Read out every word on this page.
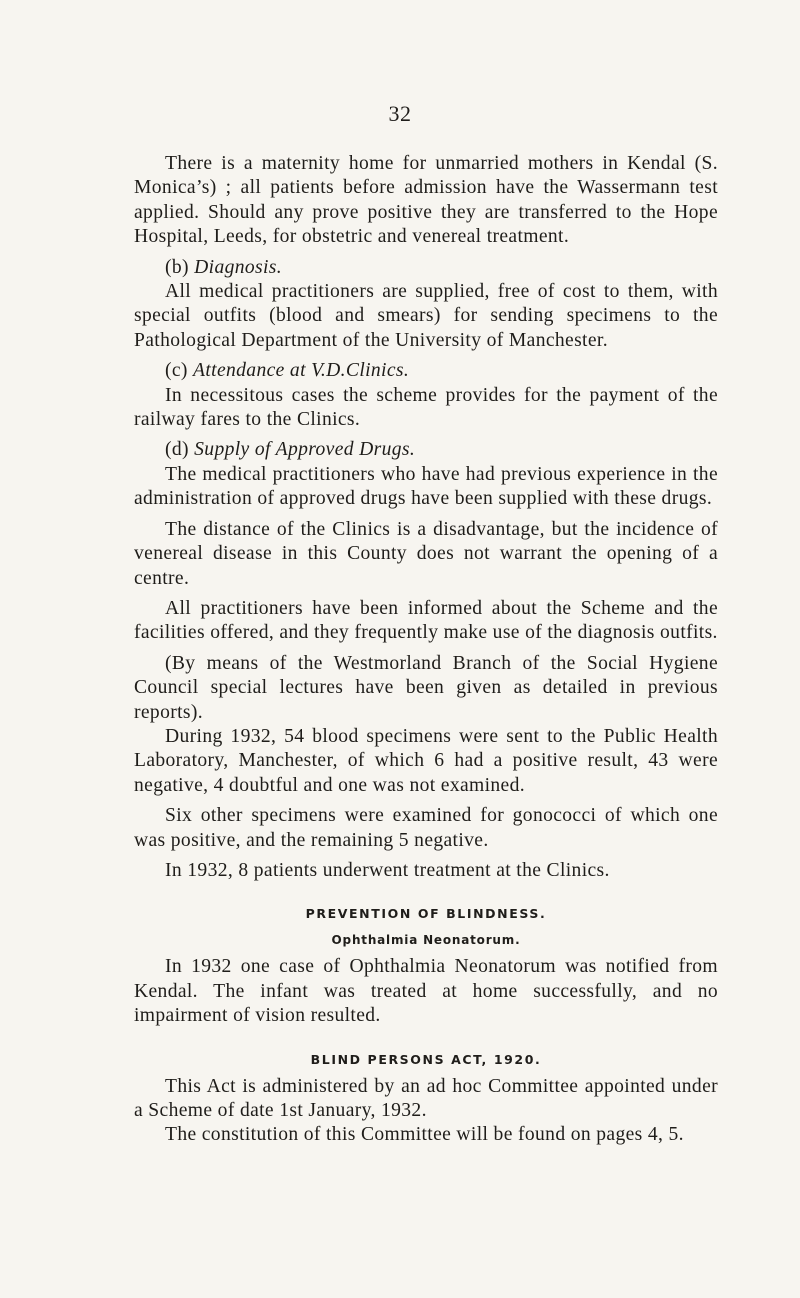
32

There is a maternity home for unmarried mothers in Kendal (S. Monica’s) ; all patients before admission have the Wassermann test applied. Should any prove positive they are transferred to the Hope Hospital, Leeds, for obstetric and venereal treatment.

(b) Diagnosis.

All medical practitioners are supplied, free of cost to them, with special outfits (blood and smears) for sending specimens to the Pathological Department of the University of Manchester.

(c) Attendance at V.D.Clinics.

In necessitous cases the scheme provides for the payment of the railway fares to the Clinics.

(d) Supply of Approved Drugs.

The medical practitioners who have had previous experience in the administration of approved drugs have been supplied with these drugs.

The distance of the Clinics is a disadvantage, but the incidence of venereal disease in this County does not warrant the opening of a centre.

All practitioners have been informed about the Scheme and the facilities offered, and they frequently make use of the diagnosis outfits.

(By means of the Westmorland Branch of the Social Hygiene Council special lectures have been given as detailed in previous reports).

During 1932, 54 blood specimens were sent to the Public Health Laboratory, Manchester, of which 6 had a positive result, 43 were negative, 4 doubtful and one was not examined.

Six other specimens were examined for gonococci of which one was positive, and the remaining 5 negative.

In 1932, 8 patients underwent treatment at the Clinics.

PREVENTION OF BLINDNESS.
Ophthalmia Neonatorum.

In 1932 one case of Ophthalmia Neonatorum was notified from Kendal. The infant was treated at home successfully, and no impairment of vision resulted.

BLIND PERSONS ACT, 1920.

This Act is administered by an ad hoc Committee appointed under a Scheme of date 1st January, 1932.

The constitution of this Committee will be found on pages 4, 5.
